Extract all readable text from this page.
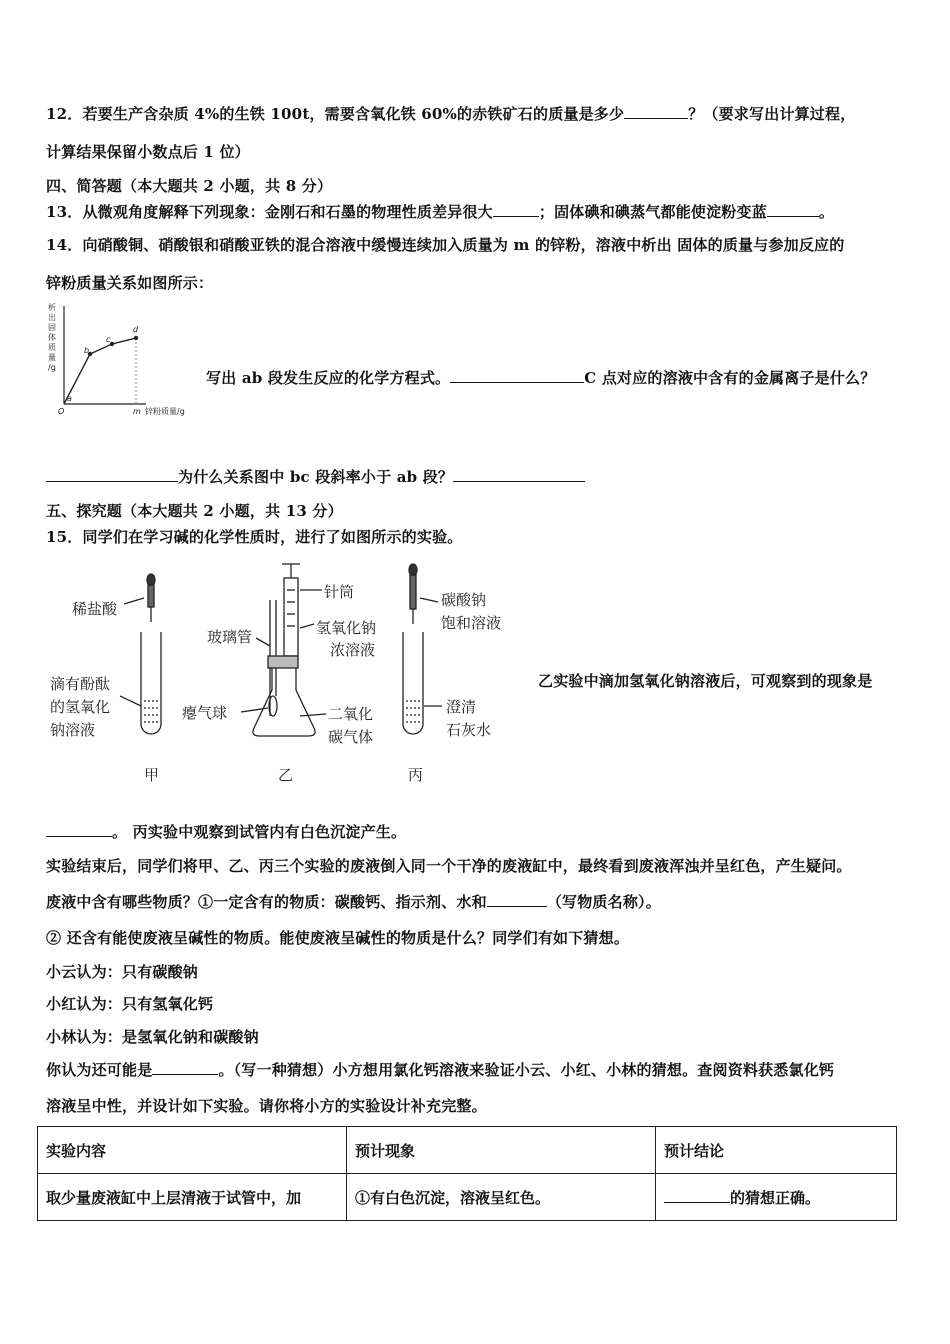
12．若要生产含杂质 4%的生铁 100t，需要含氧化铁 60%的赤铁矿石的质量是多少	？（要求写出计算过程，
计算结果保留小数点后 1 位）
四、简答题（本大题共 2 小题，共 8 分）
13．从微观角度解释下列现象：金刚石和石墨的物理性质差异很大	；固体碘和碘蒸气都能使淀粉变蓝	。
14．向硝酸铜、硝酸银和硝酸亚铁的混合溶液中缓慢连续加入质量为 m 的锌粉，溶液中析出 固体的质量与参加反应的
锌粉质量关系如图所示：
析
出
固
体
质
量
/g
a
b
c
d
O	m 锌粉质量/g
写出 ab 段发生反应的化学方程式。	C 点对应的溶液中含有的金属离子是什么？
为什么关系图中 bc 段斜率小于 ab 段？
五、探究题（本大题共 2 小题，共 13 分）
15．同学们在学习碱的化学性质时，进行了如图所示的实验。
稀盐酸
滴有酚酞
的氢氧化
钠溶液
针筒
氢氧化钠
浓溶液
玻璃管
瘪气球	二氧化
碳气体
碳酸钠
饱和溶液
澄清
石灰水
甲	乙	丙
乙实验中滴加氢氧化钠溶液后，可观察到的现象是
。 丙实验中观察到试管内有白色沉淀产生。
实验结束后，同学们将甲、乙、丙三个实验的废液倒入同一个干净的废液缸中，最终看到废液浑浊并呈红色，产生疑问。
废液中含有哪些物质？①一定含有的物质：碳酸钙、指示剂、水和	（写物质名称）。
② 还含有能使废液呈碱性的物质。能使废液呈碱性的物质是什么？同学们有如下猜想。
小云认为：只有碳酸钠
小红认为：只有氢氧化钙
小林认为：是氢氧化钠和碳酸钠
你认为还可能是	。（写一种猜想）小方想用氯化钙溶液来验证小云、小红、小林的猜想。查阅资料获悉氯化钙
溶液呈中性，并设计如下实验。请你将小方的实验设计补充完整。
实验内容	预计现象	预计结论
取少量废液缸中上层清液于试管中，加	①有白色沉淀，溶液呈红色。	的猜想正确。
